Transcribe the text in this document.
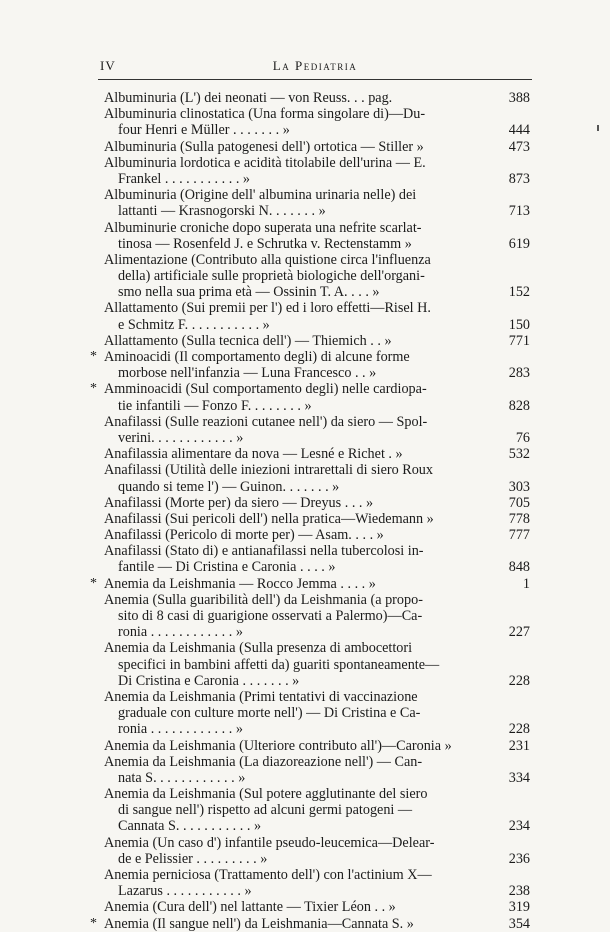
IV	La Pediatria
Albuminuria (L') dei neonati — von Reuss. . . pag.	388
Albuminuria clinostatica (Una forma singolare di)—Du-
four Henri e Müller . . . . . . . »	444
Albuminuria (Sulla patogenesi dell') ortotica — Stiller »	473
Albuminuria lordotica e acidità titolabile dell'urina — E.
Frankel . . . . . . . . . . . »	873
Albuminuria (Origine dell' albumina urinaria nelle) dei
lattanti — Krasnogorski N. . . . . . . »	713
Albuminurie croniche dopo superata una nefrite scarlat-
tinosa — Rosenfeld J. e Schrutka v. Rectenstamm »	619
Alimentazione (Contributo alla quistione circa l'influenza
della) artificiale sulle proprietà biologiche dell'organi-
smo nella sua prima età — Ossinin T. A. . . . »	152
Allattamento (Sui premii per l') ed i loro effetti—Risel H.
e Schmitz F. . . . . . . . . . . »	150
Allattamento (Sulla tecnica dell') — Thiemich . . »	771
* Aminoacidi (Il comportamento degli) di alcune forme
morbose nell'infanzia — Luna Francesco . . »	283
* Amminoacidi (Sul comportamento degli) nelle cardiopa-
tie infantili — Fonzo F. . . . . . . . »	828
Anafilassi (Sulle reazioni cutanee nell') da siero — Spol-
verini. . . . . . . . . . . . »	76
Anafilassia alimentare da nova — Lesné e Richet . »	532
Anafilassi (Utilità delle iniezioni intrarettali di siero Roux
quando si teme l') — Guinon. . . . . . . »	303
Anafilassi (Morte per) da siero — Dreyus . . . »	705
Anafilassi (Sui pericoli dell') nella pratica—Wiedemann »	778
Anafilassi (Pericolo di morte per) — Asam. . . . »	777
Anafilassi (Stato di) e antianafilassi nella tubercolosi in-
fantile — Di Cristina e Caronia . . . . »	848
* Anemia da Leishmania — Rocco Jemma . . . . »	1
Anemia (Sulla guaribilità dell') da Leishmania (a propo-
sito di 8 casi di guarigione osservati a Palermo)—Ca-
ronia . . . . . . . . . . . . »	227
Anemia da Leishmania (Sulla presenza di ambocettori
specifici in bambini affetti da) guariti spontaneamente—
Di Cristina e Caronia . . . . . . . »	228
Anemia da Leishmania (Primi tentativi di vaccinazione
graduale con culture morte nell') — Di Cristina e Ca-
ronia . . . . . . . . . . . . »	228
Anemia da Leishmania (Ulteriore contributo all')—Caronia »	231
Anemia da Leishmania (La diazoreazione nell') — Can-
nata S. . . . . . . . . . . . »	334
Anemia da Leishmania (Sul potere agglutinante del siero
di sangue nell') rispetto ad alcuni germi patogeni —
Cannata S. . . . . . . . . . . »	234
Anemia (Un caso d') infantile pseudo-leucemica—Delear-
de e Pelissier . . . . . . . . . »	236
Anemia perniciosa (Trattamento dell') con l'actinium X—
Lazarus . . . . . . . . . . . »	238
Anemia (Cura dell') nel lattante — Tixier Léon . . »	319
* Anemia (Il sangue nell') da Leishmania—Cannata S. »	354
